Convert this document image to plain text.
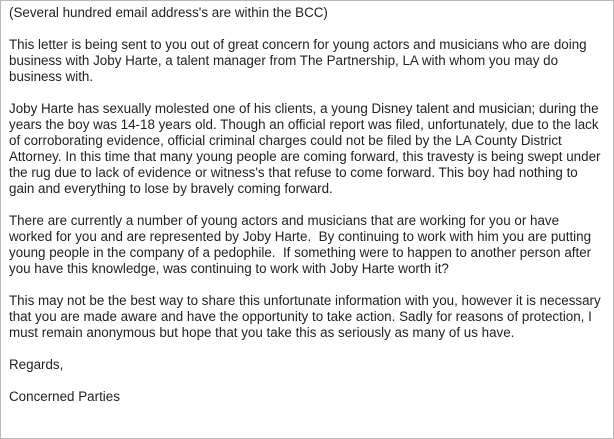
(Several hundred email address's are within the BCC)

This letter is being sent to you out of great concern for young actors and musicians who are doing business with Joby Harte, a talent manager from The Partnership, LA with whom you may do business with.

Joby Harte has sexually molested one of his clients, a young Disney talent and musician; during the years the boy was 14-18 years old. Though an official report was filed, unfortunately, due to the lack of corroborating evidence, official criminal charges could not be filed by the LA County District Attorney. In this time that many young people are coming forward, this travesty is being swept under the rug due to lack of evidence or witness's that refuse to come forward. This boy had nothing to gain and everything to lose by bravely coming forward.

There are currently a number of young actors and musicians that are working for you or have worked for you and are represented by Joby Harte.  By continuing to work with him you are putting young people in the company of a pedophile.  If something were to happen to another person after you have this knowledge, was continuing to work with Joby Harte worth it?

This may not be the best way to share this unfortunate information with you, however it is necessary that you are made aware and have the opportunity to take action. Sadly for reasons of protection, I must remain anonymous but hope that you take this as seriously as many of us have.

Regards,

Concerned Parties
